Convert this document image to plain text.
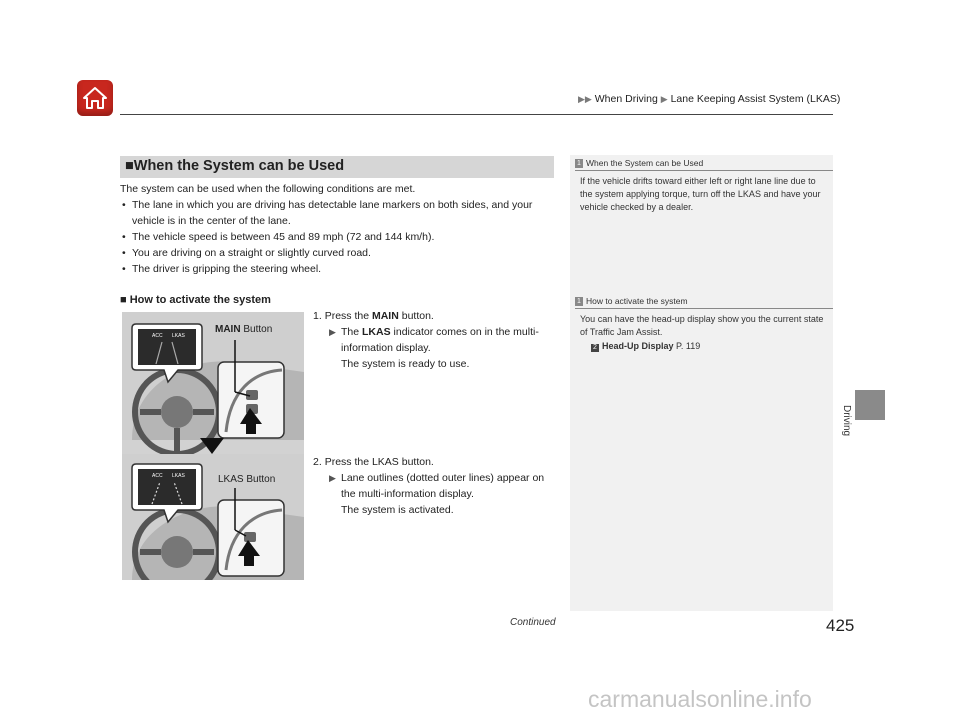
▶▶ When Driving ▶ Lane Keeping Assist System (LKAS)
Driving
■When the System can be Used
The system can be used when the following conditions are met.
• The lane in which you are driving has detectable lane markers on both sides, and your vehicle is in the center of the lane.
• The vehicle speed is between 45 and 89 mph (72 and 144 km/h).
• You are driving on a straight or slightly curved road.
• The driver is gripping the steering wheel.
■ How to activate the system
ACC LKAS
ACC LKAS
MAIN Button
LKAS Button
1. Press the MAIN button.
▶ The LKAS indicator comes on in the multi-information display.
The system is ready to use.
2. Press the LKAS button.
▶ Lane outlines (dotted outer lines) appear on the multi-information display.
The system is activated.
1 When the System can be Used
If the vehicle drifts toward either left or right lane line due to the system applying torque, turn off the LKAS and have your vehicle checked by a dealer.
1 How to activate the system
You can have the head-up display show you the current state of Traffic Jam Assist.
2 Head-Up Display P. 119
Continued	425
carmanualsonline.info
